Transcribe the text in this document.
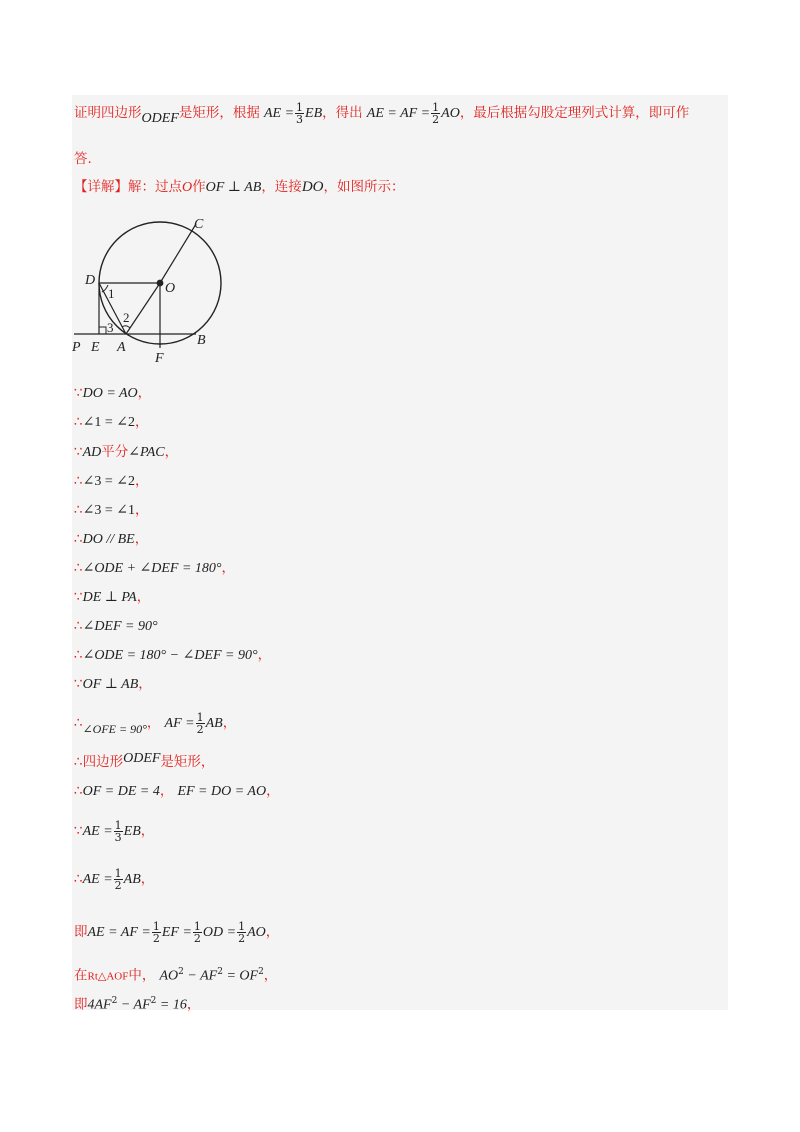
证明四边形ODEF是矩形，根据 AE = $\frac{1}{3}$ EB，得出 AE = AF = $\frac{1}{2}$ AO，最后根据勾股定理列式计算，即可作
答.
【详解】解：过点O作OF ⊥ AB，连接DO，如图所示：
C
D
O
1
2
3
P E A	B
F
∵DO = AO，
∴∠1 = ∠2，
∵AD平分∠PAC，
∴∠3 = ∠2，
∴∠3 = ∠1，
∴DO // BE，
∴∠ODE + ∠DEF = 180°，
∵DE ⊥ PA，
∴∠DEF = 90°
∴∠ODE = 180° − ∠DEF = 90°，
∵OF ⊥ AB，
∴∠OFE = 90°， AF = $\frac{1}{2}$ AB，
∴四边形ODEF是矩形，
∴OF = DE = 4， EF = DO = AO，
∵AE = $\frac{1}{3}$ EB，
∴AE = $\frac{1}{2}$ AB，
即AE = AF = $\frac{1}{2}$ EF = $\frac{1}{2}$ OD = $\frac{1}{2}$ AO，
在Rt△AOF中， $AO^2 - AF^2 = OF^2$，
即$4AF^2 - AF^2 = 16$，
